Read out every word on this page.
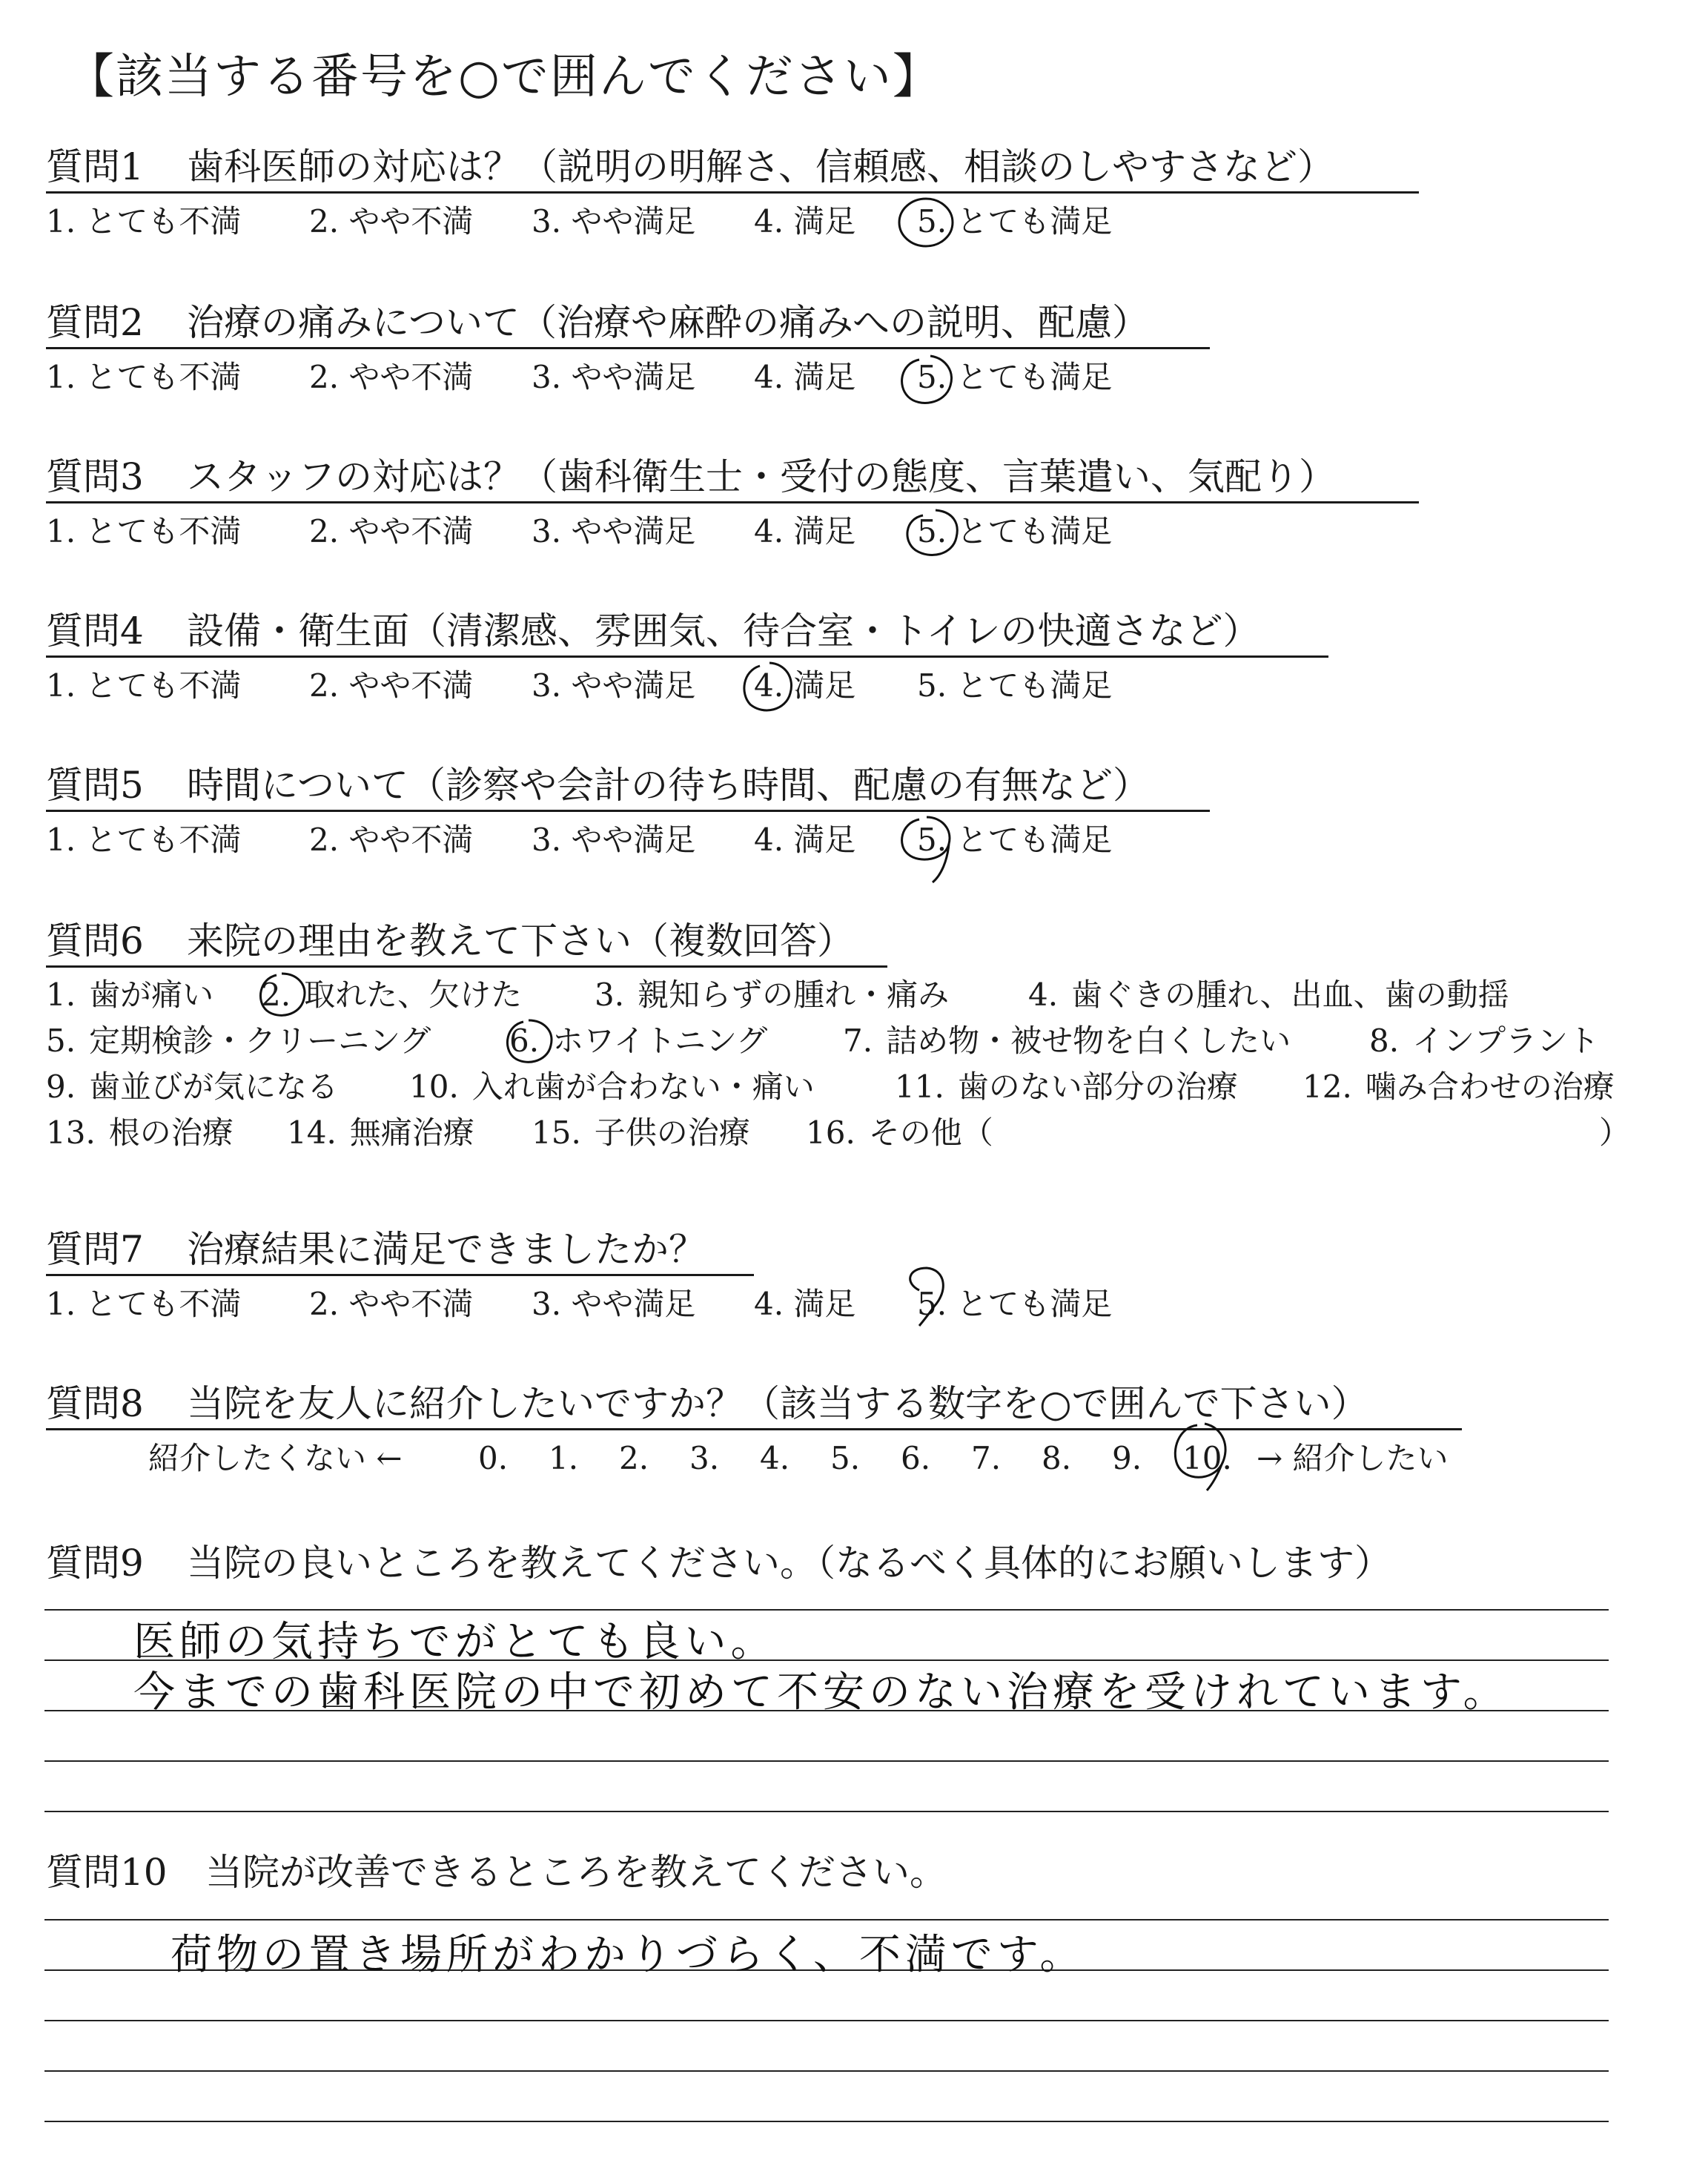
【該当する番号を○で囲んでください】
質問1 歯科医師の対応は？（説明の明解さ、信頼感、相談のしやすさなど）
1. とても不満 2. やや不満 3. やや満足 4. 満足 5. とても満足
質問2 治療の痛みについて（治療や麻酔の痛みへの説明、配慮）
1. とても不満 2. やや不満 3. やや満足 4. 満足 5. とても満足
質問3 スタッフの対応は？（歯科衛生士・受付の態度、言葉遣い、気配り）
1. とても不満 2. やや不満 3. やや満足 4. 満足 5. とても満足
質問4 設備・衛生面（清潔感、雰囲気、待合室・トイレの快適さなど）
1. とても不満 2. やや不満 3. やや満足 4. 満足 5. とても満足
質問5 時間について（診察や会計の待ち時間、配慮の有無など）
1. とても不満 2. やや不満 3. やや満足 4. 満足 5. とても満足
質問6 来院の理由を教えて下さい（複数回答）
1. 歯が痛い 2. 取れた、欠けた 3. 親知らずの腫れ・痛み	4. 歯ぐきの腫れ、出血、歯の動揺
5. 定期検診・クリーニング	6. ホワイトニング 7. 詰め物・被せ物を白くしたい	8. インプラント
9. 歯並びが気になる 10. 入れ歯が合わない・痛い	11. 歯のない部分の治療 12. 噛み合わせの治療
13. 根の治療 14. 無痛治療 15. 子供の治療 16. その他（	）
質問7 治療結果に満足できましたか？
1. とても不満 2. やや不満 3. やや満足 4. 満足 5. とても満足
質問8 当院を友人に紹介したいですか？（該当する数字を○で囲んで下さい）
紹介したくない ← 0. 1. 2. 3. 4. 5. 6. 7. 8. 9. 10. → 紹介したい
質問9 当院の良いところを教えてください。（なるべく具体的にお願いします）
医師の気持ちでがとても良い。
今までの歯科医院の中で初めて不安のない治療を受けれています。
質問10 当院が改善できるところを教えてください。
荷物の置き場所がわかりづらく、不満です。
